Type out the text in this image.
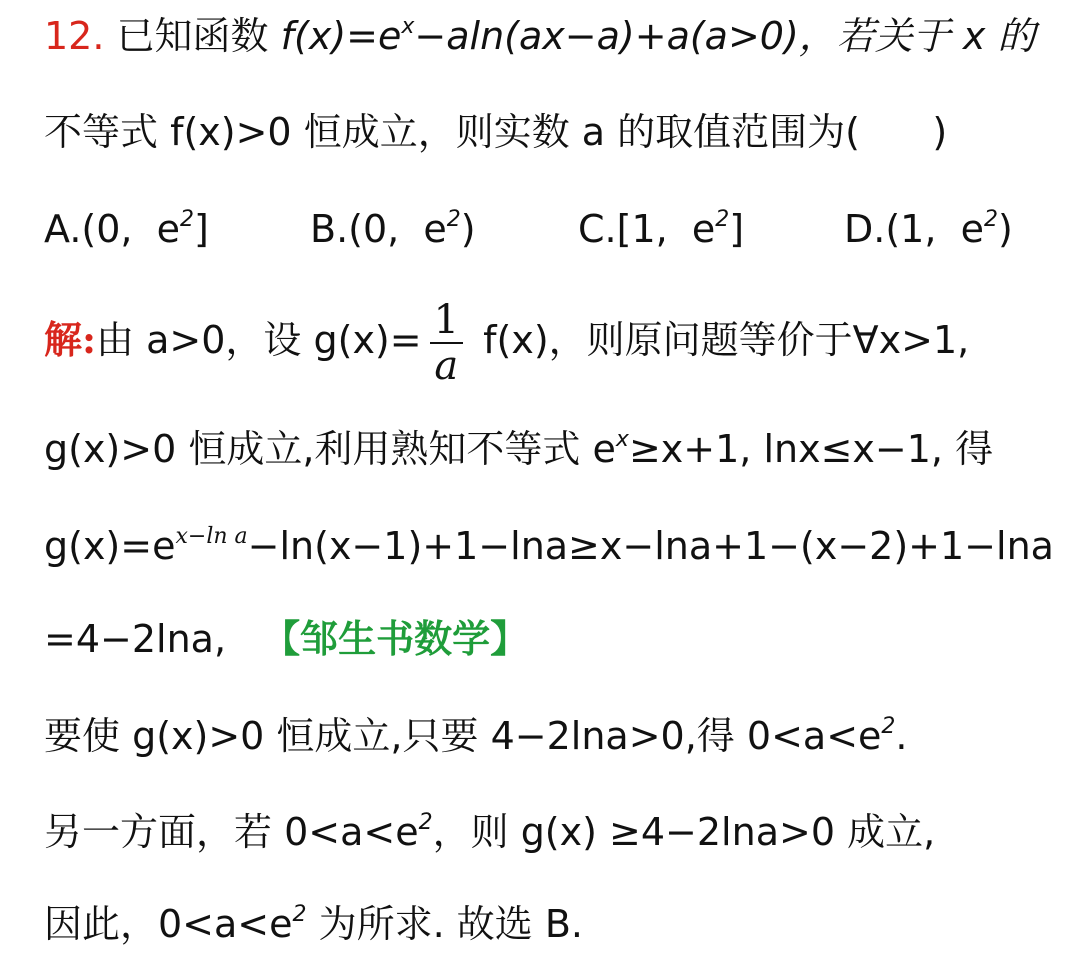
12. 已知函数 $f(x)=e^x-aln(ax-a)+a(a>0)$，若关于 x 的
不等式 f(x)>0 恒成立，则实数 a 的取值范围为(      )
A.(0,  $e^2$]	B.(0,  $e^2$)	C.[1,  $e^2$]	D.(1,  $e^2$)
解:由 a>0，设 $g(x)= \frac{1}{a} f(x)$，则原问题等价于∀x>1,
g(x)>0 恒成立,利用熟知不等式 $e^x\ge x+1$, lnx≤x−1, 得
$g(x)=e^{x-ln a}-\ln(x-1)+1-\ln a\ge x-\ln a+1-(x-2)+1-\ln a$
=4−2lna, 【邹生书数学】
要使 g(x)>0 恒成立,只要 4−2lna>0,得 $0<a<e^2$.
另一方面，若 $0<a<e^2$，则 g(x) ≥4−2lna>0 成立,
因此，$0<a<e^2$ 为所求. 故选 B.
